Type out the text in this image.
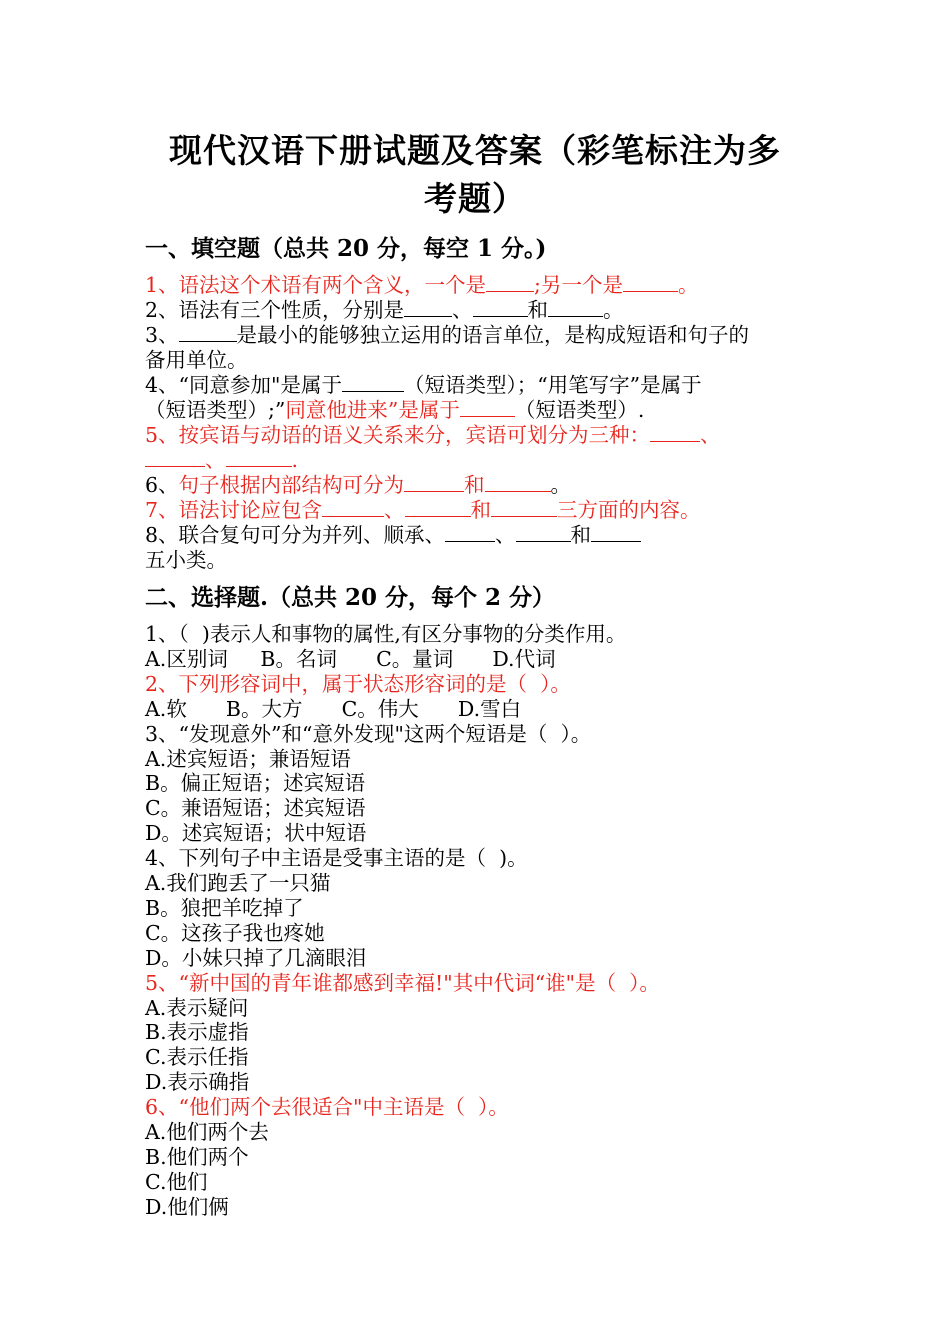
现代汉语下册试题及答案（彩笔标注为多
考题）
一、填空题（总共 20 分，每空 1 分。)
1、语法这个术语有两个含义，一个是 ;另一个是	。
2、语法有三个性质，分别是 、	和	。
3、	是最小的能够独立运用的语言单位，是构成短语和句子的
备用单位。
4、“同意参加"是属于	（短语类型）；“用笔写字”是属于
（短语类型）;”同意他进来”是属于	（短语类型）.
5、按宾语与动语的语义关系来分，宾语可划分为三种： 、
、	.
6、句子根据内部结构可分为	和	。
7、语法讨论应包含	、	和	三方面的内容。
8、联合复句可分为并列、顺承、 、	和
五小类。
二、选择题.（总共 20 分，每个 2 分）
1、（  )表示人和事物的属性,有区分事物的分类作用。
A.区别词     B。名词      C。量词      D.代词
2、下列形容词中，属于状态形容词的是（  ）。
A.软      B。大方      C。伟大      D.雪白
3、“发现意外”和“意外发现"这两个短语是（  ）。
A.述宾短语；兼语短语
B。偏正短语；述宾短语
C。兼语短语；述宾短语
D。述宾短语；状中短语
4、下列句子中主语是受事主语的是（  )。
A.我们跑丢了一只猫
B。狼把羊吃掉了
C。这孩子我也疼她
D。小妹只掉了几滴眼泪
5、“新中国的青年谁都感到幸福!"其中代词“谁"是（  ）。
A.表示疑问
B.表示虚指
C.表示任指
D.表示确指
6、“他们两个去很适合"中主语是（  ）。
A.他们两个去
B.他们两个
C.他们
D.他们俩
